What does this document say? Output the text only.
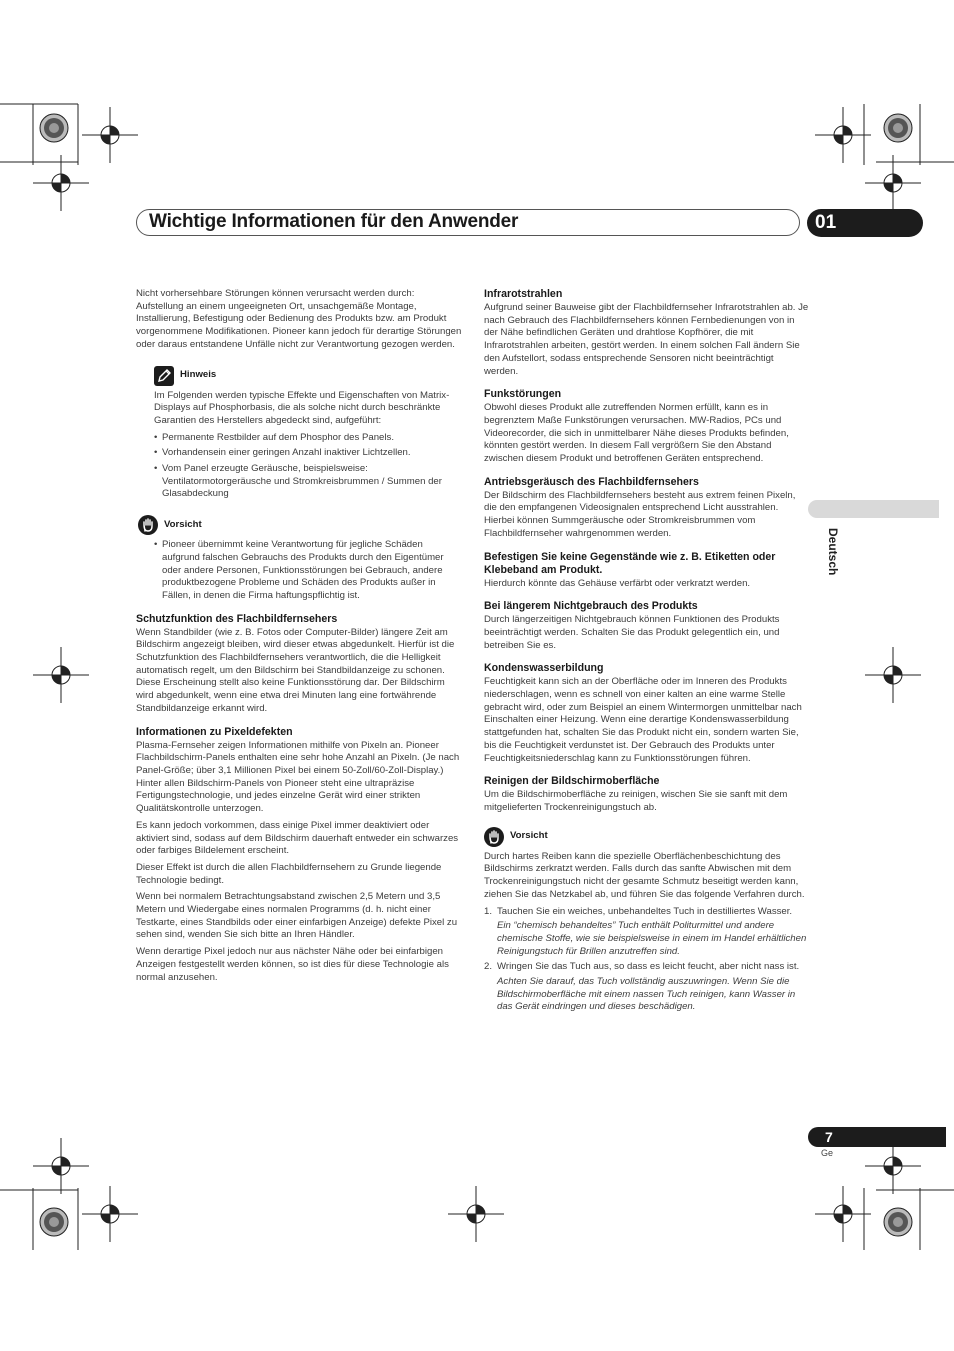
Wichtige Informationen für den Anwender	01
Deutsch

Nicht vorhersehbare Störungen können verursacht werden durch: Aufstellung an einem ungeeigneten Ort, unsachgemäße Montage, Installierung, Befestigung oder Bedienung des Produkts bzw. am Produkt vorgenommene Modifikationen. Pioneer kann jedoch für derartige Störungen oder daraus entstandene Unfälle nicht zur Verantwortung gezogen werden.

Hinweis

Im Folgenden werden typische Effekte und Eigenschaften von Matrix-Displays auf Phosphorbasis, die als solche nicht durch beschränkte Garantien des Herstellers abgedeckt sind, aufgeführt:

• Permanente Restbilder auf dem Phosphor des Panels.
• Vorhandensein einer geringen Anzahl inaktiver Lichtzellen.
• Vom Panel erzeugte Geräusche, beispielsweise: Ventilatormotorgeräusche und Stromkreisbrummen / Summen der Glasabdeckung
Vorsicht
• Pioneer übernimmt keine Verantwortung für jegliche Schäden aufgrund falschen Gebrauchs des Produkts durch den Eigentümer oder andere Personen, Funktionsstörungen bei Gebrauch, andere produktbezogene Probleme und Schäden des Produkts außer in Fällen, in denen die Firma haftungspflichtig ist.
Schutzfunktion des Flachbildfernsehers

Wenn Standbilder (wie z. B. Fotos oder Computer-Bilder) längere Zeit am Bildschirm angezeigt bleiben, wird dieser etwas abgedunkelt. Hierfür ist die Schutzfunktion des Flachbildfernsehers verantwortlich, die die Helligkeit automatisch regelt, um den Bildschirm bei Standbildanzeige zu schonen. Diese Erscheinung stellt also keine Funktionsstörung dar. Der Bildschirm wird abgedunkelt, wenn eine etwa drei Minuten lang eine fortwährende Standbildanzeige erkannt wird.

Informationen zu Pixeldefekten

Plasma-Fernseher zeigen Informationen mithilfe von Pixeln an. Pioneer Flachbildschirm-Panels enthalten eine sehr hohe Anzahl an Pixeln. (Je nach Panel-Größe; über 3,1 Millionen Pixel bei einem 50-Zoll/60-Zoll-Display.) Hinter allen Bildschirm-Panels von Pioneer steht eine ultrapräzise Fertigungstechnologie, und jedes einzelne Gerät wird einer strikten Qualitätskontrolle unterzogen.

Es kann jedoch vorkommen, dass einige Pixel immer deaktiviert oder aktiviert sind, sodass auf dem Bildschirm dauerhaft entweder ein schwarzes oder farbiges Bildelement erscheint.

Dieser Effekt ist durch die allen Flachbildfernsehern zu Grunde liegende Technologie bedingt.

Wenn bei normalem Betrachtungsabstand zwischen 2,5 Metern und 3,5 Metern und Wiedergabe eines normalen Programms (d. h. nicht einer Testkarte, eines Standbilds oder einer einfarbigen Anzeige) defekte Pixel zu sehen sind, wenden Sie sich bitte an Ihren Händler.

Wenn derartige Pixel jedoch nur aus nächster Nähe oder bei einfarbigen Anzeigen festgestellt werden können, so ist dies für diese Technologie als normal anzusehen.

Infrarotstrahlen

Aufgrund seiner Bauweise gibt der Flachbildfernseher Infrarotstrahlen ab. Je nach Gebrauch des Flachbildfernsehers können Fernbedienungen von in der Nähe befindlichen Geräten und drahtlose Kopfhörer, die mit Infrarotstrahlen arbeiten, gestört werden. In einem solchen Fall ändern Sie den Aufstellort, sodass entsprechende Sensoren nicht beeinträchtigt werden.

Funkstörungen

Obwohl dieses Produkt alle zutreffenden Normen erfüllt, kann es in begrenztem Maße Funkstörungen verursachen. MW-Radios, PCs und Videorecorder, die sich in unmittelbarer Nähe dieses Produkts befinden, könnten gestört werden. In diesem Fall vergrößern Sie den Abstand zwischen diesem Produkt und betroffenen Geräten entsprechend.

Antriebsgeräusch des Flachbildfernsehers

Der Bildschirm des Flachbildfernsehers besteht aus extrem feinen Pixeln, die den empfangenen Videosignalen entsprechend Licht ausstrahlen. Hierbei können Summgeräusche oder Stromkreisbrummen vom Flachbildfernseher wahrgenommen werden.

Befestigen Sie keine Gegenstände wie z. B. Etiketten oder Klebeband am Produkt.

Hierdurch könnte das Gehäuse verfärbt oder verkratzt werden.

Bei längerem Nichtgebrauch des Produkts

Durch längerzeitigen Nichtgebrauch können Funktionen des Produkts beeinträchtigt werden. Schalten Sie das Produkt gelegentlich ein, und betreiben Sie es.

Kondenswasserbildung

Feuchtigkeit kann sich an der Oberfläche oder im Inneren des Produkts niederschlagen, wenn es schnell von einer kalten an eine warme Stelle gebracht wird, oder zum Beispiel an einem Wintermorgen unmittelbar nach Einschalten einer Heizung. Wenn eine derartige Kondenswasserbildung stattgefunden hat, schalten Sie das Produkt nicht ein, sondern warten Sie, bis die Feuchtigkeit verdunstet ist. Der Gebrauch des Produkts unter Feuchtigkeitsniederschlag kann zu Funktionsstörungen führen.

Reinigen der Bildschirmoberfläche

Um die Bildschirmoberfläche zu reinigen, wischen Sie sie sanft mit dem mitgelieferten Trockenreinigungstuch ab.

Vorsicht

Durch hartes Reiben kann die spezielle Oberflächenbeschichtung des Bildschirms zerkratzt werden. Falls durch das sanfte Abwischen mit dem Trockenreinigungstuch nicht der gesamte Schmutz beseitigt werden kann, ziehen Sie das Netzkabel ab, und führen Sie das folgende Verfahren durch.

1. Tauchen Sie ein weiches, unbehandeltes Tuch in destilliertes Wasser.
Ein “chemisch behandeltes” Tuch enthält Politurmittel und andere chemische Stoffe, wie sie beispielsweise in einem im Handel erhältlichen Reinigungstuch für Brillen anzutreffen sind.
2. Wringen Sie das Tuch aus, so dass es leicht feucht, aber nicht nass ist.
Achten Sie darauf, das Tuch vollständig auszuwringen. Wenn Sie die Bildschirmoberfläche mit einem nassen Tuch reinigen, kann Wasser in das Gerät eindringen und dieses beschädigen.
7
Ge
